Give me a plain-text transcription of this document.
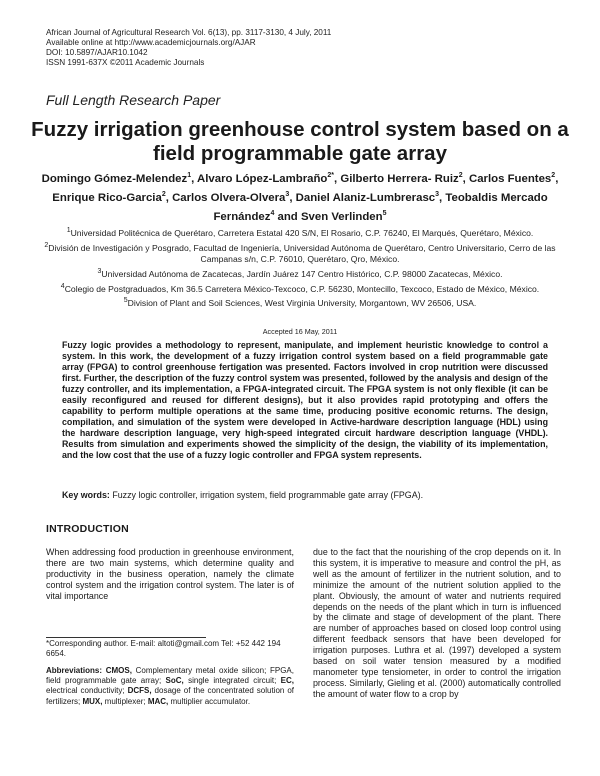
African Journal of Agricultural Research Vol. 6(13), pp. 3117-3130, 4 July, 2011
Available online at http://www.academicjournals.org/AJAR
DOI: 10.5897/AJAR10.1042
ISSN 1991-637X ©2011 Academic Journals
Full Length Research Paper
Fuzzy irrigation greenhouse control system based on a field programmable gate array
Domingo Gómez-Melendez$^1$, Alvaro López-Lambraño$^{2*}$, Gilberto Herrera- Ruiz$^2$, Carlos Fuentes$^2$, Enrique Rico-Garcia$^2$, Carlos Olvera-Olvera$^3$, Daniel Alaniz-Lumbrerasc$^3$, Teobaldis Mercado Fernández$^4$ and Sven Verlinden$^5$
$^1$Universidad Politécnica de Querétaro, Carretera Estatal 420 S/N, El Rosario, C.P. 76240, El Marqués, Querétaro, México.
$^2$División de Investigación y Posgrado, Facultad de Ingeniería, Universidad Autónoma de Querétaro, Centro Universitario, Cerro de las Campanas s/n, C.P. 76010, Querétaro, Qro, México.
$^3$Universidad Autónoma de Zacatecas, Jardín Juárez 147 Centro Histórico, C.P. 98000 Zacatecas, México.
$^4$Colegio de Postgraduados, Km 36.5 Carretera México-Texcoco, C.P. 56230, Montecillo, Texcoco, Estado de México, México.
$^5$Division of Plant and Soil Sciences, West Virginia University, Morgantown, WV 26506, USA.
Accepted 16 May, 2011
Fuzzy logic provides a methodology to represent, manipulate, and implement heuristic knowledge to control a system. In this work, the development of a fuzzy irrigation control system based on a field programmable gate array (FPGA) to control greenhouse fertigation was presented. Factors involved in crop nutrition were discussed first. Further, the description of the fuzzy control system was presented, followed by the analysis and design of the fuzzy controller, and its implementation, a FPGA-integrated circuit. The FPGA system is not only flexible (it can be easily reconfigured and reused for different designs), but it also provides rapid prototyping and offers the capability to perform multiple operations at the same time, producing positive economic returns. The design, compilation, and simulation of the system were developed in Active-hardware description language (HDL) using the hardware description language, very high-speed integrated circuit hardware description language (VHDL). Results from simulation and experiments showed the simplicity of the design, the viability of its implementation, and the low cost that the use of a fuzzy logic controller and FPGA system represents.
Key words: Fuzzy logic controller, irrigation system, field programmable gate array (FPGA).
INTRODUCTION
When addressing food production in greenhouse environment, there are two main systems, which determine quality and productivity in the business operation, namely the climate control system and the irrigation control system. The later is of vital importance
due to the fact that the nourishing of the crop depends on it. In this system, it is imperative to measure and control the pH, as well as the amount of fertilizer in the nutrient solution, and to minimize the amount of the nutrient solution applied to the plant. Obviously, the amount of water and nutrients required depends on the needs of the plant which in turn is influenced by the climate and stage of development of the plant. There are number of approaches based on closed loop control using different feedback sensors that have been developed for irrigation purposes. Luthra et al. (1997) developed a system based on soil water tension measured by a modified manometer type tensiometer, in order to control the irrigation process. Similarly, Gieling et al. (2000) automatically controlled the amount of water flow to a crop by
*Corresponding author. E-mail: altoti@gmail.com Tel: +52 442 194 6654.
Abbreviations: CMOS, Complementary metal oxide silicon; FPGA, field programmable gate array; SoC, single integrated circuit; EC, electrical conductivity; DCFS, dosage of the concentrated solution of fertilizers; MUX, multiplexer; MAC, multiplier accumulator.
